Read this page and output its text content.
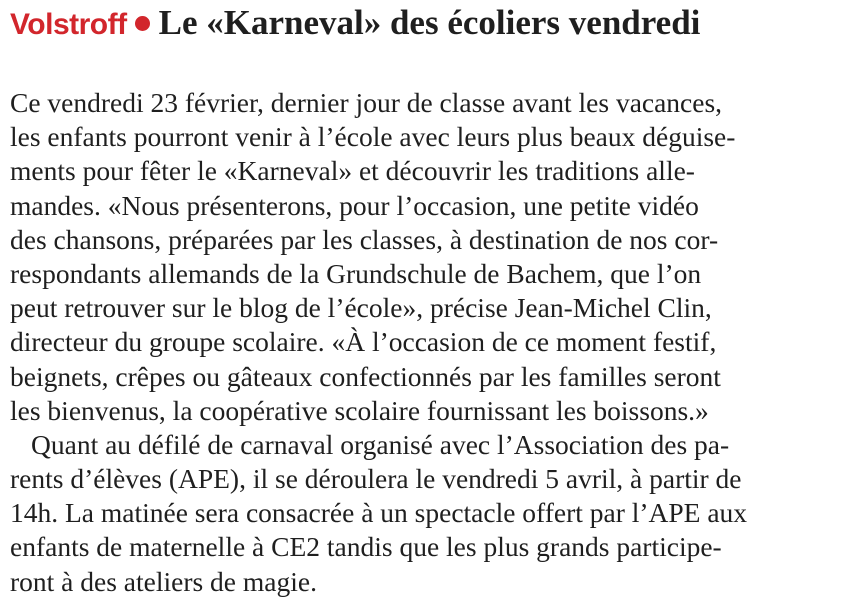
Volstroff Le «Karneval» des écoliers vendredi
Ce vendredi 23 février, dernier jour de classe avant les vacances,
les enfants pourront venir à l’école avec leurs plus beaux déguise-
ments pour fêter le «Karneval» et découvrir les traditions alle-
mandes. «Nous présenterons, pour l’occasion, une petite vidéo
des chansons, préparées par les classes, à destination de nos cor-
respondants allemands de la Grundschule de Bachem, que l’on
peut retrouver sur le blog de l’école», précise Jean-Michel Clin,
directeur du groupe scolaire. «À l’occasion de ce moment festif,
beignets, crêpes ou gâteaux confectionnés par les familles seront
les bienvenus, la coopérative scolaire fournissant les boissons.»
Quant au défilé de carnaval organisé avec l’Association des pa-
rents d’élèves (APE), il se déroulera le vendredi 5 avril, à partir de
14h. La matinée sera consacrée à un spectacle offert par l’APE aux
enfants de maternelle à CE2 tandis que les plus grands participe-
ront à des ateliers de magie.
